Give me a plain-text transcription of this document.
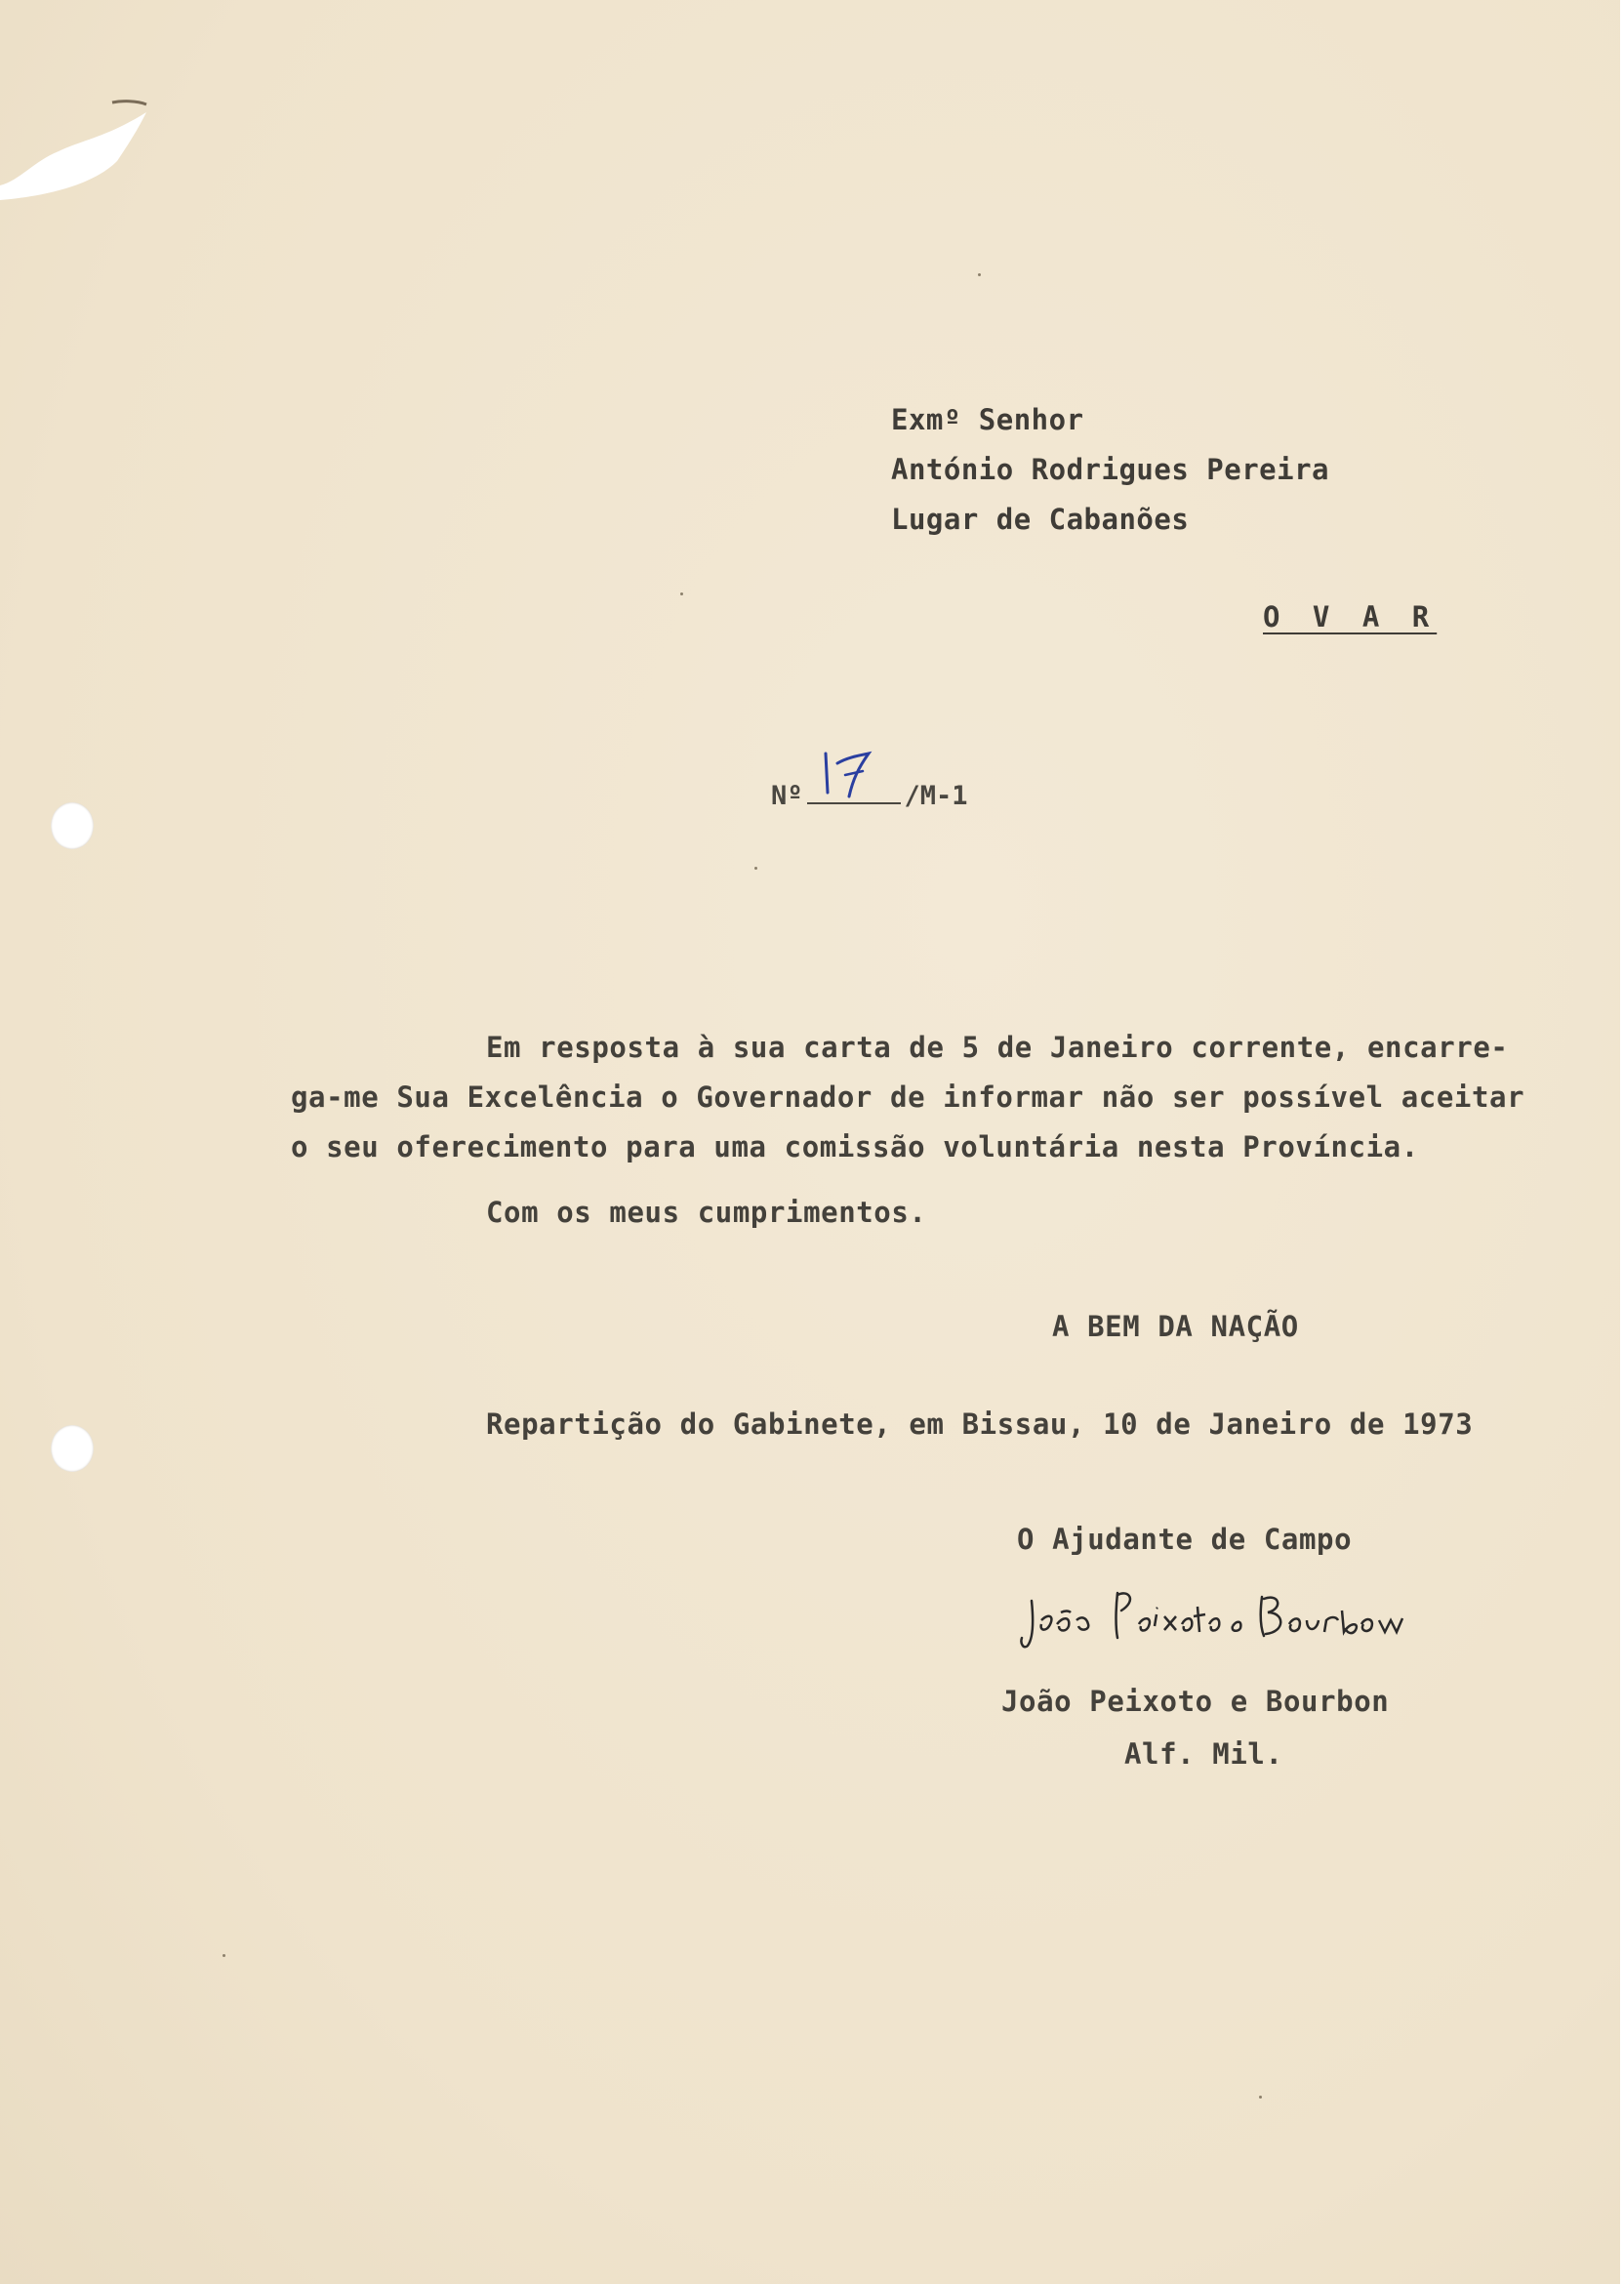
Exmº Senhor
António Rodrigues Pereira
Lugar de Cabanões
O V A R
Nº	/M-1
Em resposta à sua carta de 5 de Janeiro corrente, encarre-
ga-me Sua Excelência o Governador de informar não ser possível aceitar
o seu oferecimento para uma comissão voluntária nesta Província.
Com os meus cumprimentos.
A BEM DA NAÇÃO
Repartição do Gabinete, em Bissau, 10 de Janeiro de 1973
O Ajudante de Campo
João Peixoto e Bourbon
Alf. Mil.
